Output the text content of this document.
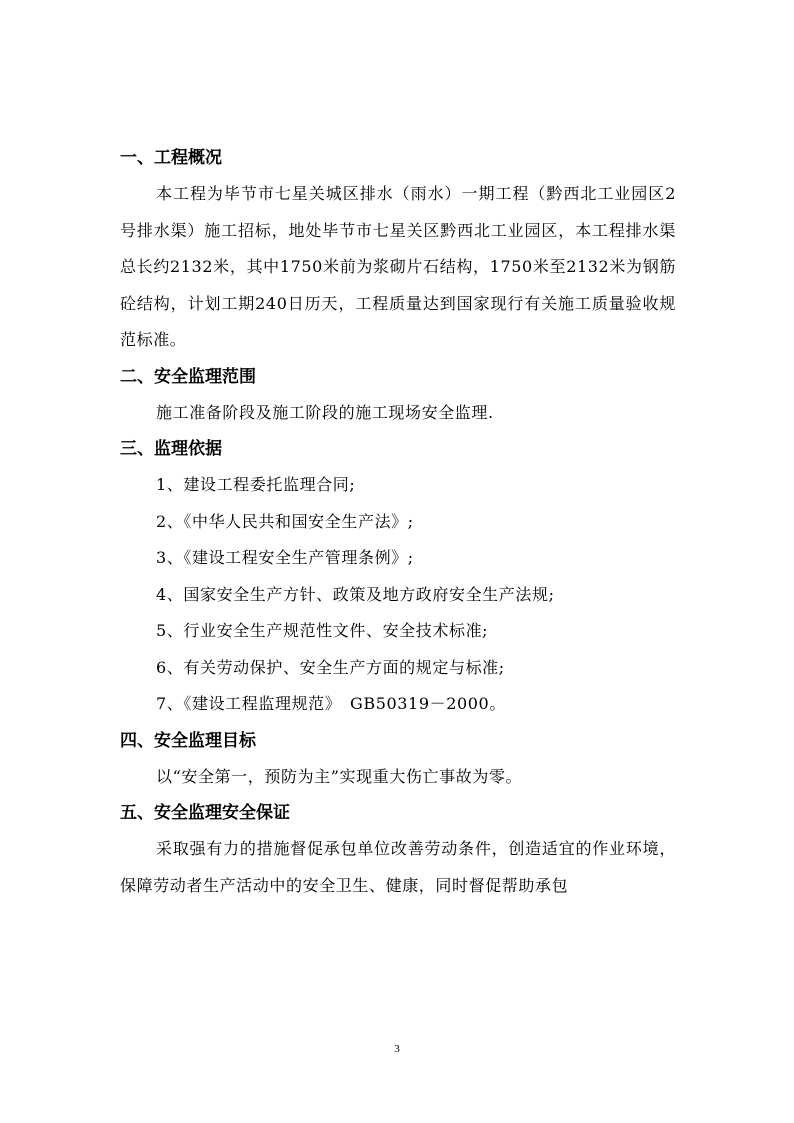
一、工程概况

本工程为毕节市七星关城区排水（雨水）一期工程（黔西北工业园区2号排水渠）施工招标，地处毕节市七星关区黔西北工业园区，本工程排水渠总长约2132米，其中1750米前为浆砌片石结构，1750米至2132米为钢筋砼结构，计划工期240日历天，工程质量达到国家现行有关施工质量验收规范标准。

二、安全监理范围

施工准备阶段及施工阶段的施工现场安全监理.

三、监理依据

1、建设工程委托监理合同;

2、《中华人民共和国安全生产法》;

3、《建设工程安全生产管理条例》;

4、国家安全生产方针、政策及地方政府安全生产法规;

5、行业安全生产规范性文件、安全技术标准;

6、有关劳动保护、安全生产方面的规定与标准;

7、《建设工程监理规范》　GB50319－2000。

四、安全监理目标

以“安全第一，预防为主”实现重大伤亡事故为零。

五、安全监理安全保证

采取强有力的措施督促承包单位改善劳动条件，创造适宜的作业环境，保障劳动者生产活动中的安全卫生、健康，同时督促帮助承包

3
